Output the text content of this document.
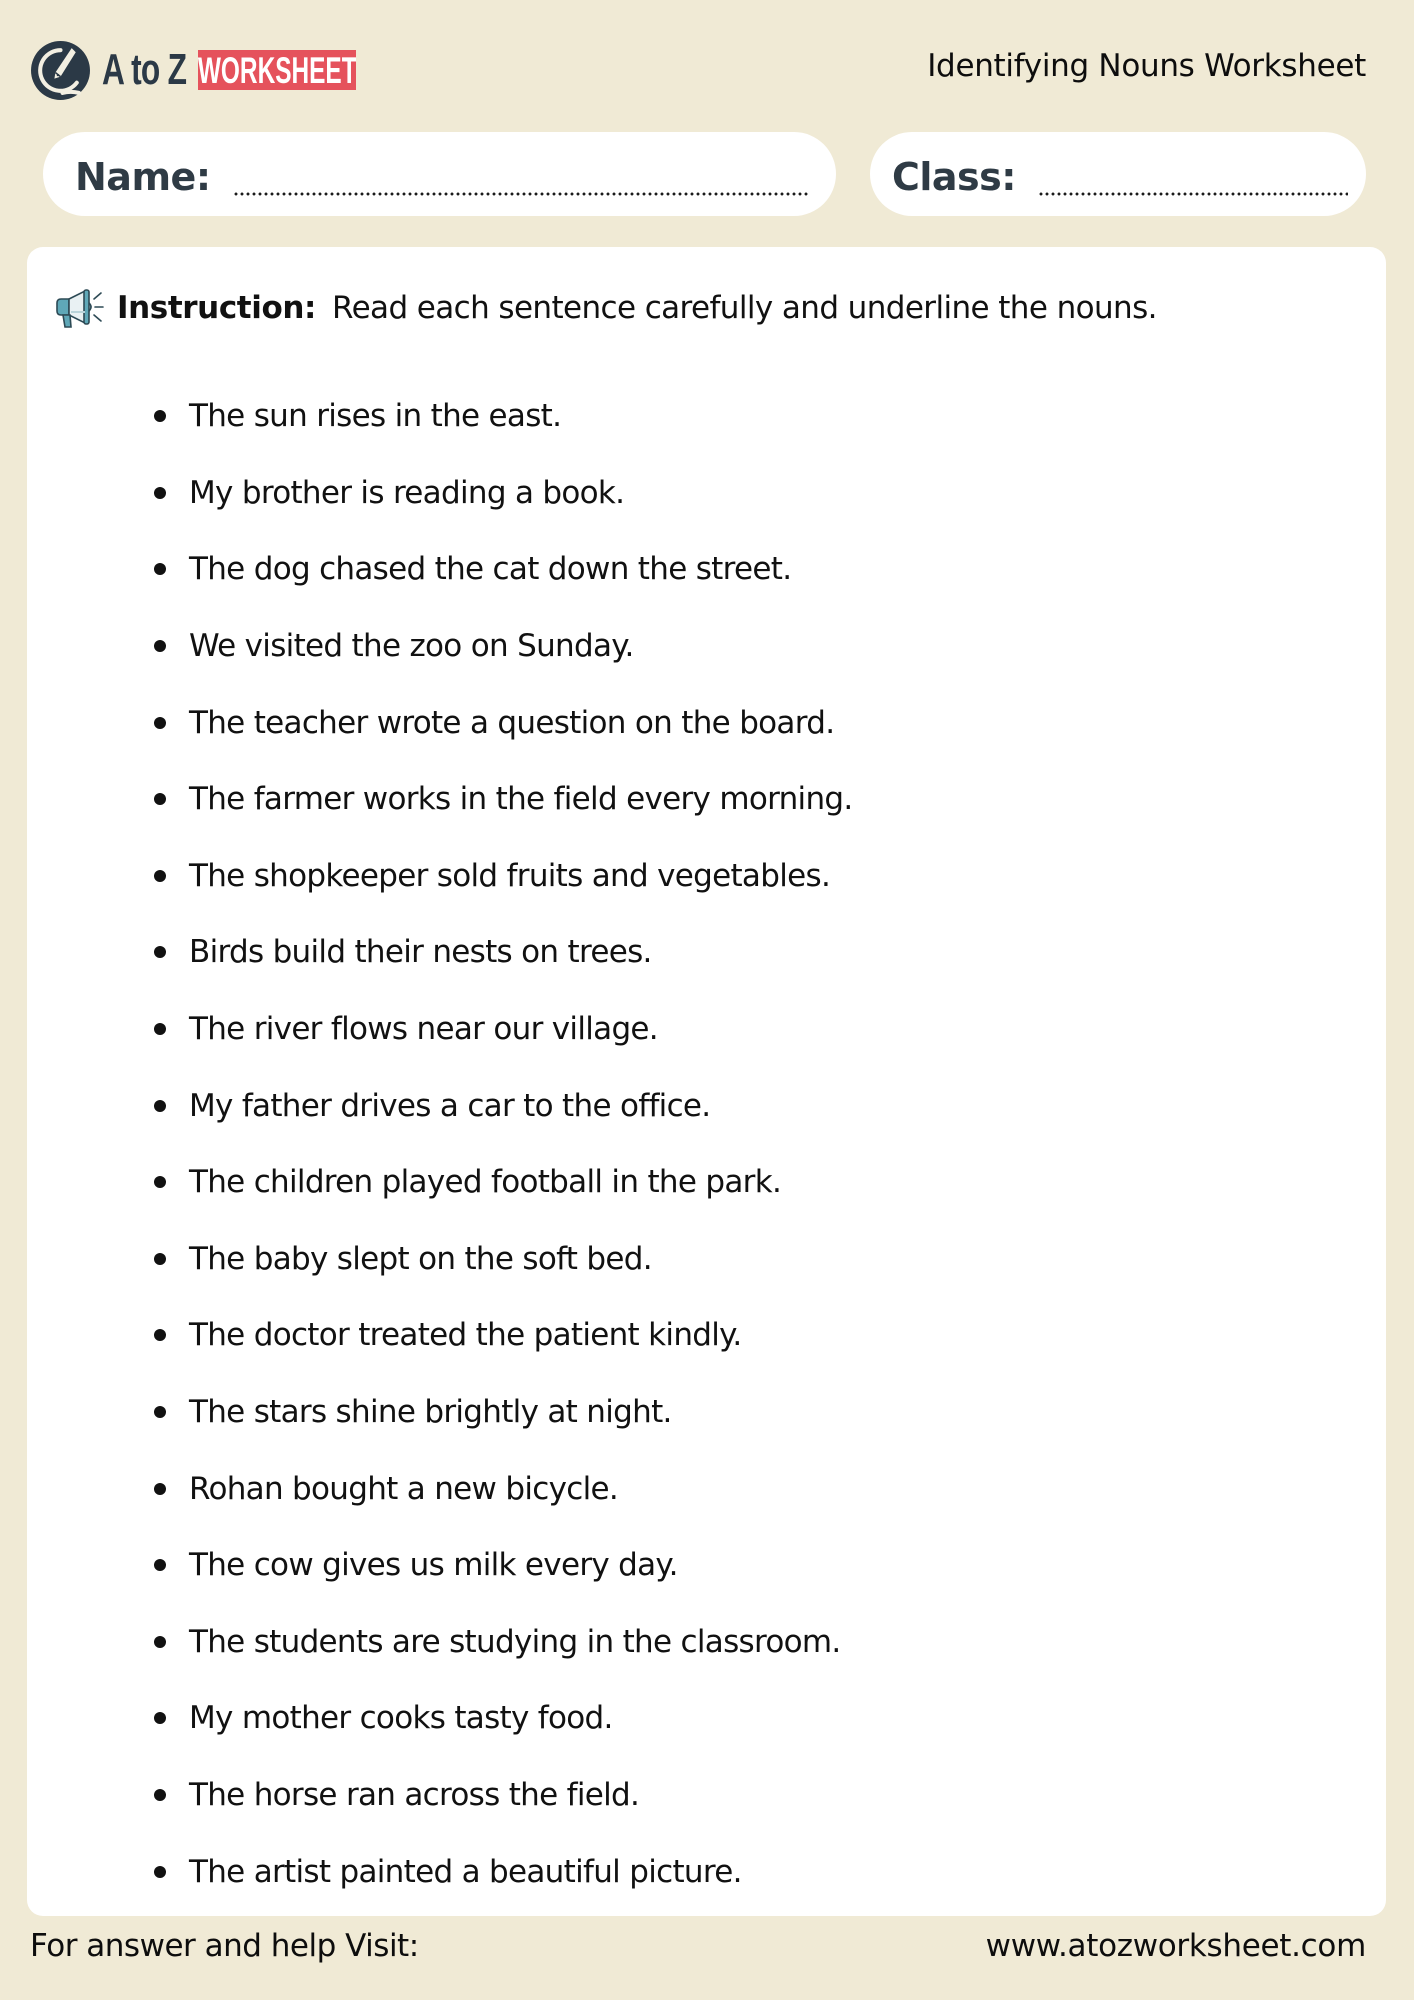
A to Z WORKSHEET	Identifying Nouns Worksheet
Name:	Class:
Instruction: Read each sentence carefully and underline the nouns.
The sun rises in the east.
My brother is reading a book.
The dog chased the cat down the street.
We visited the zoo on Sunday.
The teacher wrote a question on the board.
The farmer works in the field every morning.
The shopkeeper sold fruits and vegetables.
Birds build their nests on trees.
The river flows near our village.
My father drives a car to the office.
The children played football in the park.
The baby slept on the soft bed.
The doctor treated the patient kindly.
The stars shine brightly at night.
Rohan bought a new bicycle.
The cow gives us milk every day.
The students are studying in the classroom.
My mother cooks tasty food.
The horse ran across the field.
The artist painted a beautiful picture.
For answer and help Visit:	www.atozworksheet.com
